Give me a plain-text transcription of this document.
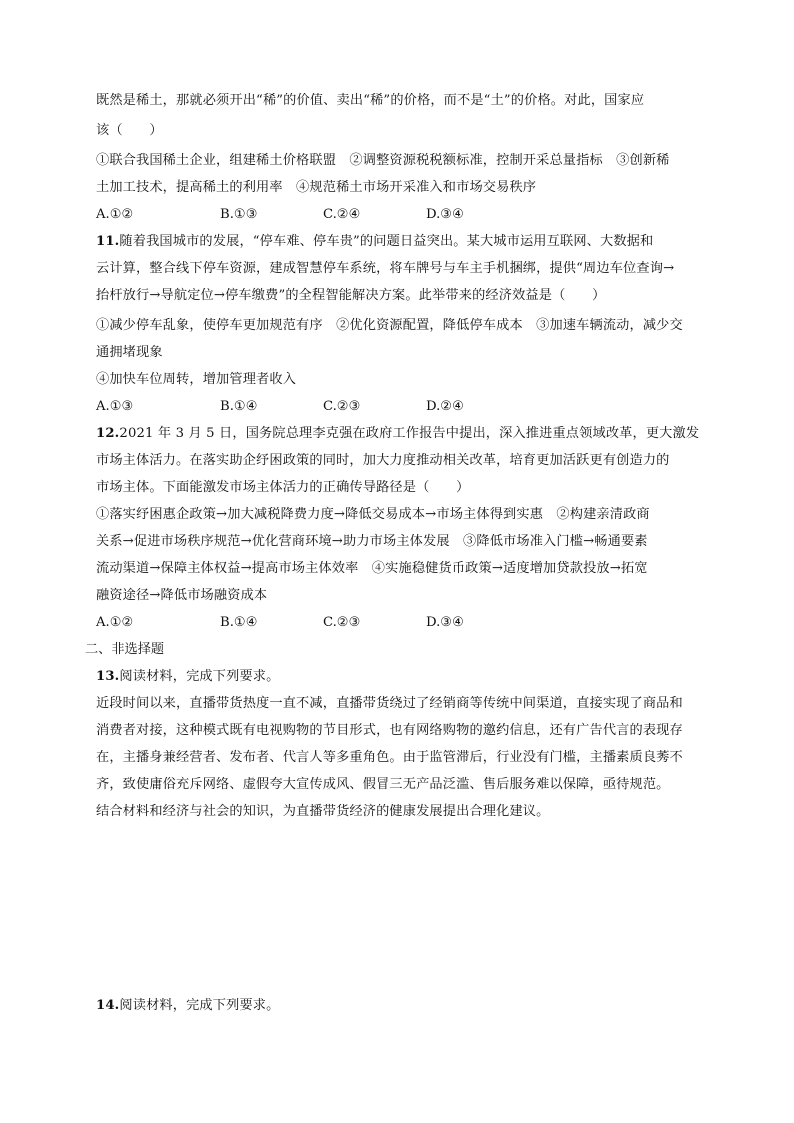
既然是稀土，那就必须开出“稀”的价值、卖出“稀”的价格，而不是“土”的价格。对此，国家应
该（　　）
①联合我国稀土企业，组建稀土价格联盟　②调整资源税税额标准，控制开采总量指标　③创新稀
土加工技术，提高稀土的利用率　④规范稀土市场开采准入和市场交易秩序
A.①②	B.①③	C.②④	D.③④
11.随着我国城市的发展，“停车难、停车贵”的问题日益突出。某大城市运用互联网、大数据和
云计算，整合线下停车资源，建成智慧停车系统，将车牌号与车主手机捆绑，提供“周边车位查询→
抬杆放行→导航定位→停车缴费”的全程智能解决方案。此举带来的经济效益是（　　）
①减少停车乱象，使停车更加规范有序　②优化资源配置，降低停车成本　③加速车辆流动，减少交
通拥堵现象
④加快车位周转，增加管理者收入
A.①③	B.①④	C.②③	D.②④
12.2021 年 3 月 5 日，国务院总理李克强在政府工作报告中提出，深入推进重点领域改革，更大激发
市场主体活力。在落实助企纾困政策的同时，加大力度推动相关改革，培育更加活跃更有创造力的
市场主体。下面能激发市场主体活力的正确传导路径是（　　）
①落实纾困惠企政策→加大减税降费力度→降低交易成本→市场主体得到实惠　②构建亲清政商
关系→促进市场秩序规范→优化营商环境→助力市场主体发展　③降低市场准入门槛→畅通要素
流动渠道→保障主体权益→提高市场主体效率　④实施稳健货币政策→适度增加贷款投放→拓宽
融资途径→降低市场融资成本
A.①②	B.①④	C.②③	D.③④
二、非选择题
13.阅读材料，完成下列要求。
近段时间以来，直播带货热度一直不减，直播带货绕过了经销商等传统中间渠道，直接实现了商品和
消费者对接，这种模式既有电视购物的节目形式，也有网络购物的邀约信息，还有广告代言的表现存
在，主播身兼经营者、发布者、代言人等多重角色。由于监管滞后，行业没有门槛，主播素质良莠不
齐，致使庸俗充斥网络、虚假夸大宣传成风、假冒三无产品泛滥、售后服务难以保障，亟待规范。
结合材料和经济与社会的知识，为直播带货经济的健康发展提出合理化建议。
14.阅读材料，完成下列要求。
